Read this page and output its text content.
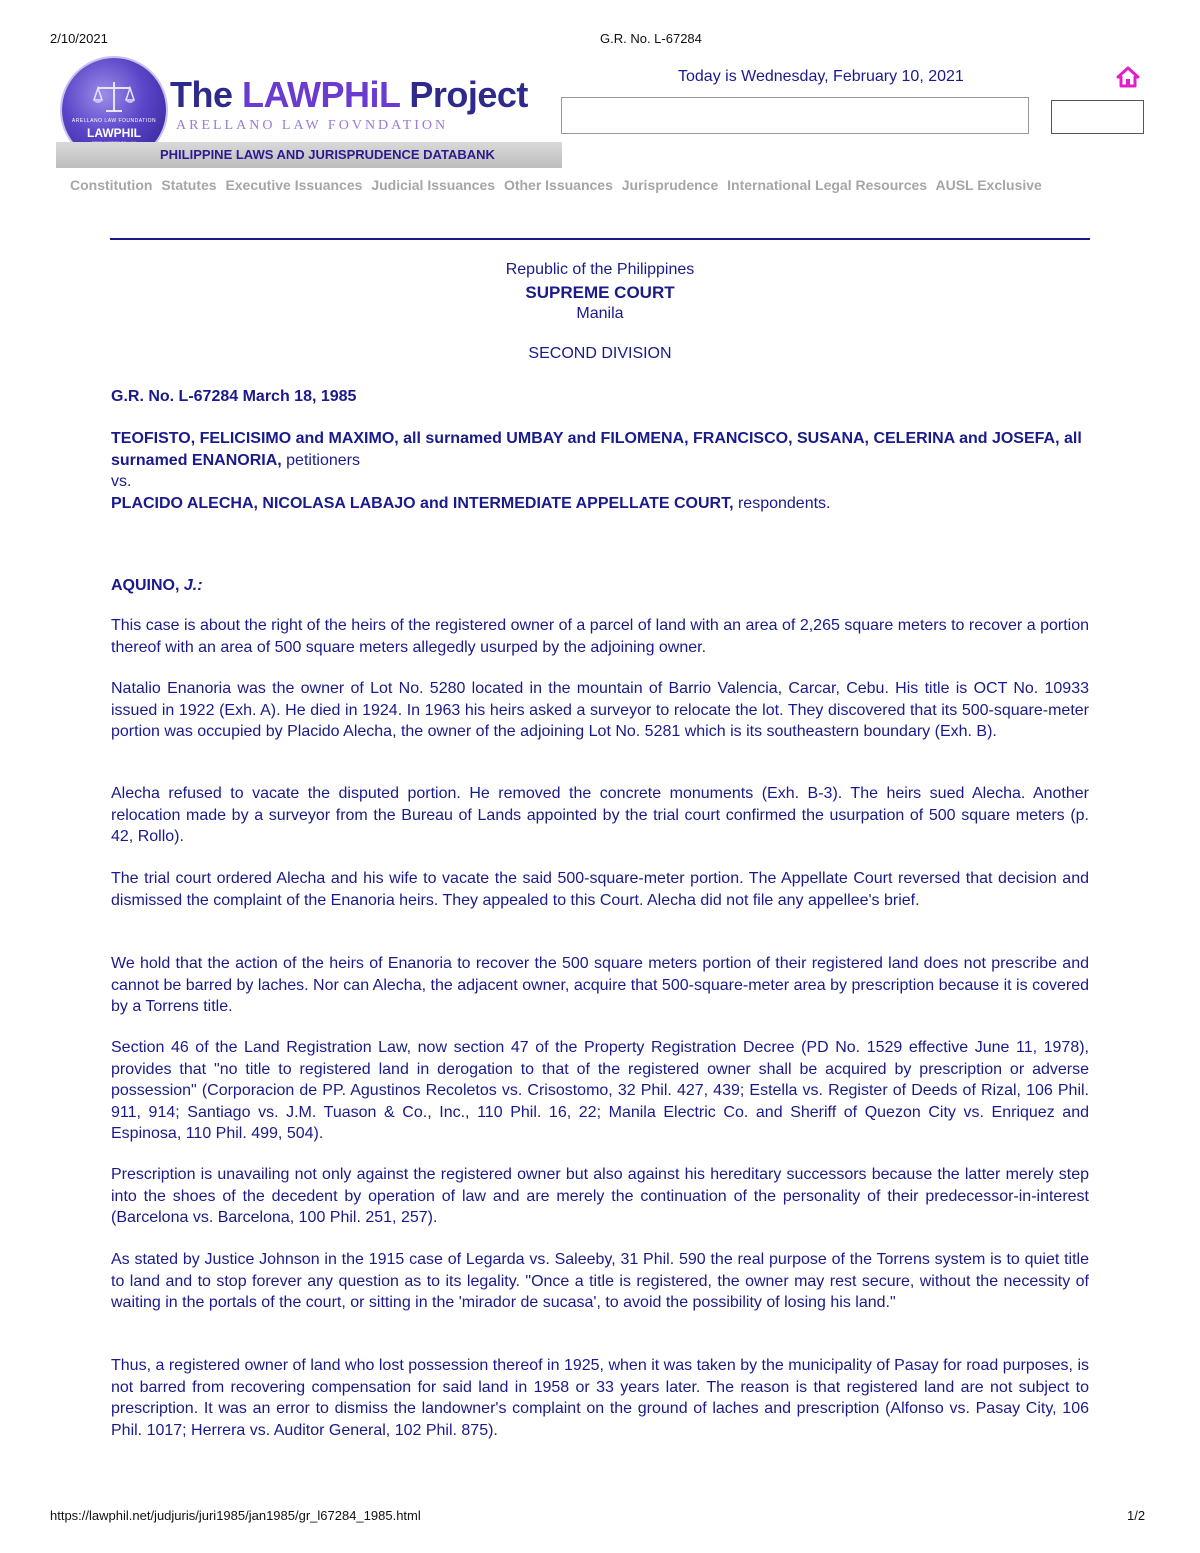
2/10/2021	G.R. No. L-67284
https://lawphil.net/judjuris/juri1985/jan1985/gr_l67284_1985.html	1/2
ARELLANO LAW FOUNDATION
LAWPHIL
The LAWPHiL Project
ARELLANO LAW FOVNDATION
PHILIPPINE LAWS AND JURISPRUDENCE DATABANK
Today is Wednesday, February 10, 2021
Constitution Statutes Executive Issuances Judicial Issuances Other Issuances Jurisprudence International Legal Resources AUSL Exclusive
Republic of the Philippines
SUPREME COURT
Manila
SECOND DIVISION
G.R. No. L-67284 March 18, 1985
TEOFISTO, FELICISIMO and MAXIMO, all surnamed UMBAY and FILOMENA, FRANCISCO, SUSANA, CELERINA and JOSEFA, all surnamed ENANORIA, petitioners
vs.
PLACIDO ALECHA, NICOLASA LABAJO and INTERMEDIATE APPELLATE COURT, respondents.
AQUINO, J.:

This case is about the right of the heirs of the registered owner of a parcel of land with an area of 2,265 square meters to recover a portion thereof with an area of 500 square meters allegedly usurped by the adjoining owner.

Natalio Enanoria was the owner of Lot No. 5280 located in the mountain of Barrio Valencia, Carcar, Cebu. His title is OCT No. 10933 issued in 1922 (Exh. A). He died in 1924. In 1963 his heirs asked a surveyor to relocate the lot. They discovered that its 500-square-meter portion was occupied by Placido Alecha, the owner of the adjoining Lot No. 5281 which is its southeastern boundary (Exh. B).

Alecha refused to vacate the disputed portion. He removed the concrete monuments (Exh. B-3). The heirs sued Alecha. Another relocation made by a surveyor from the Bureau of Lands appointed by the trial court confirmed the usurpation of 500 square meters (p. 42, Rollo).

The trial court ordered Alecha and his wife to vacate the said 500-square-meter portion. The Appellate Court reversed that decision and dismissed the complaint of the Enanoria heirs. They appealed to this Court. Alecha did not file any appellee's brief.

We hold that the action of the heirs of Enanoria to recover the 500 square meters portion of their registered land does not prescribe and cannot be barred by laches. Nor can Alecha, the adjacent owner, acquire that 500-square-meter area by prescription because it is covered by a Torrens title.

Section 46 of the Land Registration Law, now section 47 of the Property Registration Decree (PD No. 1529 effective June 11, 1978), provides that "no title to registered land in derogation to that of the registered owner shall be acquired by prescription or adverse possession" (Corporacion de PP. Agustinos Recoletos vs. Crisostomo, 32 Phil. 427, 439; Estella vs. Register of Deeds of Rizal, 106 Phil. 911, 914; Santiago vs. J.M. Tuason & Co., Inc., 110 Phil. 16, 22; Manila Electric Co. and Sheriff of Quezon City vs. Enriquez and Espinosa, 110 Phil. 499, 504).

Prescription is unavailing not only against the registered owner but also against his hereditary successors because the latter merely step into the shoes of the decedent by operation of law and are merely the continuation of the personality of their predecessor-in-interest (Barcelona vs. Barcelona, 100 Phil. 251, 257).

As stated by Justice Johnson in the 1915 case of Legarda vs. Saleeby, 31 Phil. 590 the real purpose of the Torrens system is to quiet title to land and to stop forever any question as to its legality. "Once a title is registered, the owner may rest secure, without the necessity of waiting in the portals of the court, or sitting in the 'mirador de sucasa', to avoid the possibility of losing his land."

Thus, a registered owner of land who lost possession thereof in 1925, when it was taken by the municipality of Pasay for road purposes, is not barred from recovering compensation for said land in 1958 or 33 years later. The reason is that registered land are not subject to prescription. It was an error to dismiss the landowner's complaint on the ground of laches and prescription (Alfonso vs. Pasay City, 106 Phil. 1017; Herrera vs. Auditor General, 102 Phil. 875).
